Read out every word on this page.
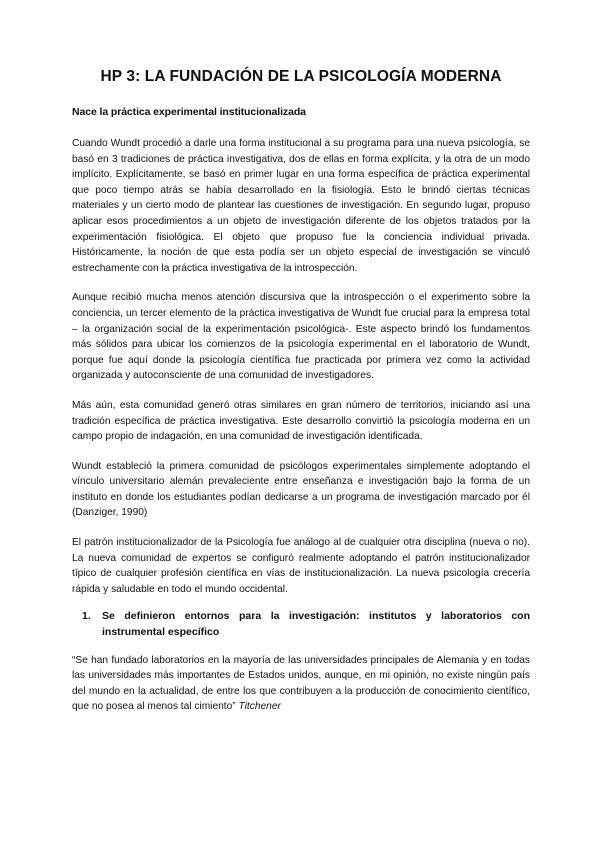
HP 3: LA FUNDACIÓN DE LA PSICOLOGÍA MODERNA
Nace la práctica experimental institucionalizada

Cuando Wundt procedió a darle una forma institucional a su programa para una nueva psicología, se basó en 3 tradiciones de práctica investigativa, dos de ellas en forma explícita, y la otra de un modo implícito. Explícitamente, se basó en primer lugar en una forma específica de práctica experimental que poco tiempo atrás se había desarrollado en la fisiología. Esto le brindó ciertas técnicas materiales y un cierto modo de plantear las cuestiones de investigación. En segundo lugar, propuso aplicar esos procedimientos a un objeto de investigación diferente de los objetos tratados por la experimentación fisiológica. El objeto que propuso fue la conciencia individual privada. Históricamente, la noción de que esta podía ser un objeto especial de investigación se vinculó estrechamente con la práctica investigativa de la introspección.

Aunque recibió mucha menos atención discursiva que la introspección o el experimento sobre la conciencia, un tercer elemento de la práctica investigativa de Wundt fue crucial para la empresa total – la organización social de la experimentación psicológica-. Este aspecto brindó los fundamentos más sólidos para ubicar los comienzos de la psicología experimental en el laboratorio de Wundt, porque fue aquí donde la psicología científica fue practicada por primera vez como la actividad organizada y autoconsciente de una comunidad de investigadores.

Más aún, esta comunidad generó otras similares en gran número de territorios, iniciando así una tradición específica de práctica investigativa. Este desarrollo convirtió la psicología moderna en un campo propio de indagación, en una comunidad de investigación identificada.

Wundt estableció la primera comunidad de psicólogos experimentales simplemente adoptando el vínculo universitario alemán prevaleciente entre enseñanza e investigación bajo la forma de un instituto en donde los estudiantes podían dedicarse a un programa de investigación marcado por él (Danziger, 1990)

El patrón institucionalizador de la Psicología fue análogo al de cualquier otra disciplina (nueva o no). La nueva comunidad de expertos se configuró realmente adoptando el patrón institucionalizador típico de cualquier profesión científica en vías de institucionalización. La nueva psicología crecería rápida y saludable en todo el mundo occidental.

1.	Se definieron entornos para la investigación: institutos y laboratorios con instrumental específico

“Se han fundado laboratorios en la mayoría de las universidades principales de Alemania y en todas las universidades más importantes de Estados unidos, aunque, en mi opinión, no existe ningún país del mundo en la actualidad, de entre los que contribuyen a la producción de conocimiento científico, que no posea al menos tal cimiento” Titchener
